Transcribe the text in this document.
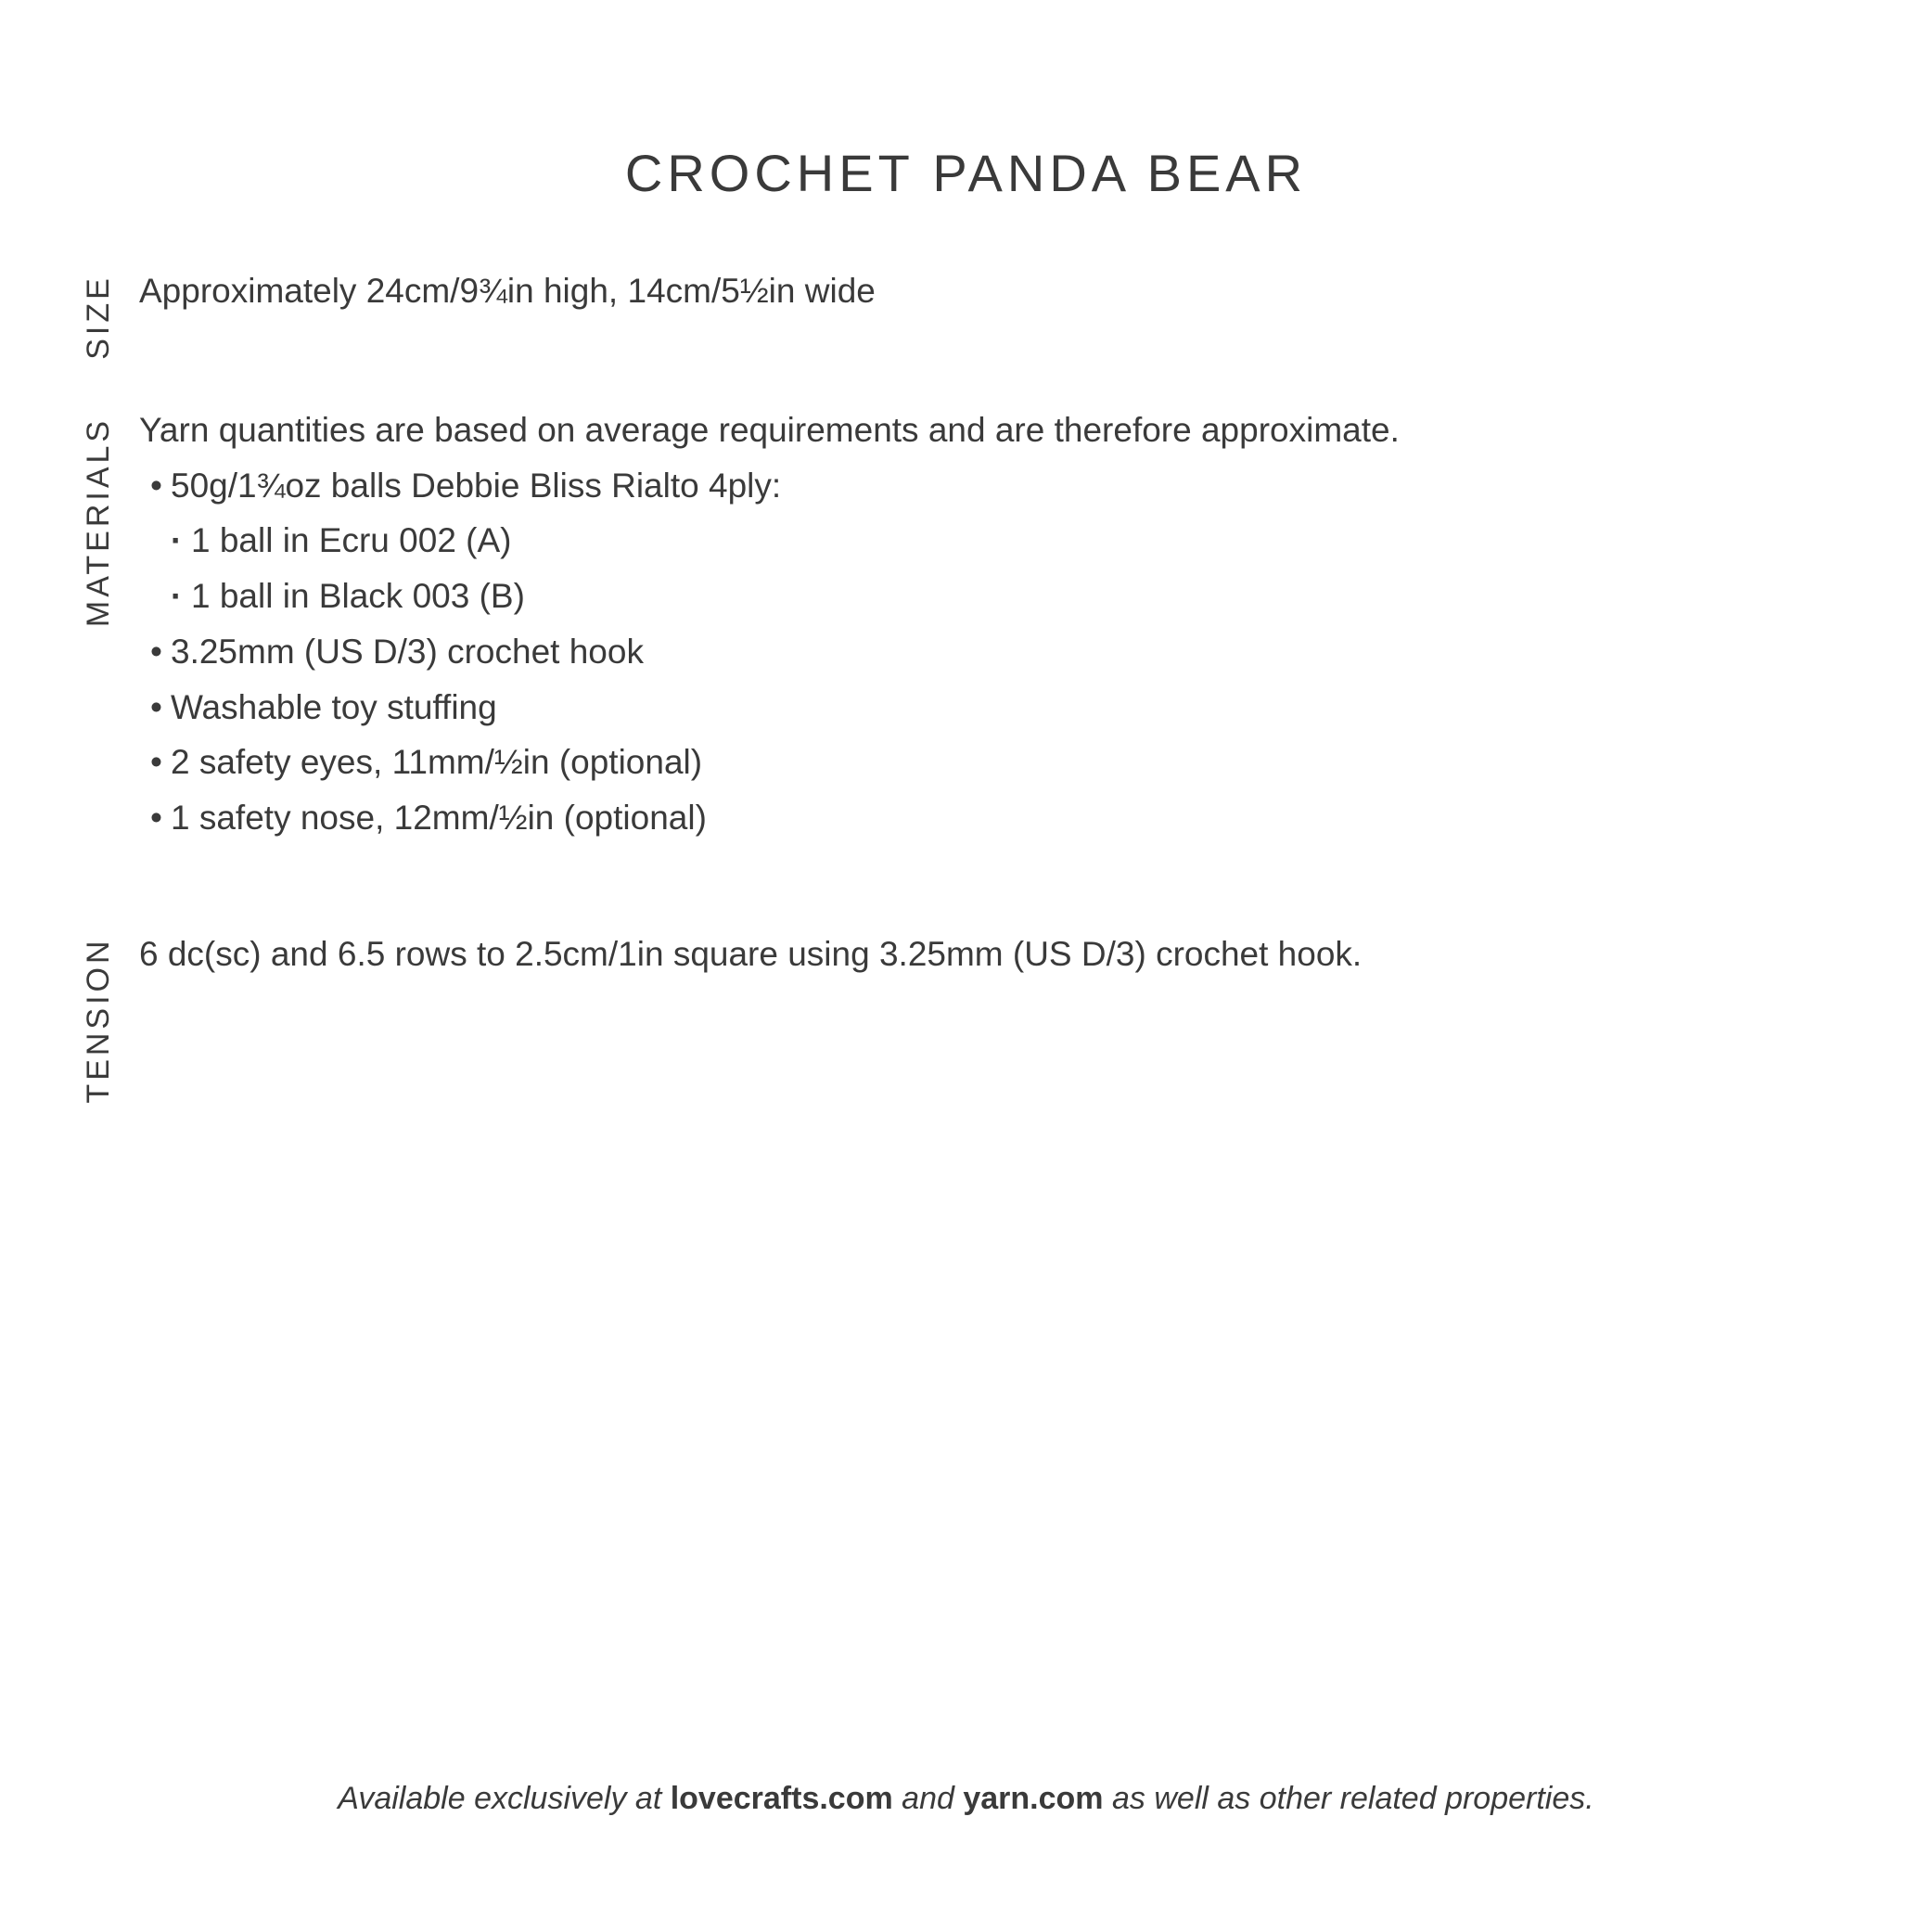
CROCHET PANDA BEAR
SIZE Approximately 24cm/9¾in high, 14cm/5½in wide
MATERIALS Yarn quantities are based on average requirements and are therefore approximate.
• 50g/1¾oz balls Debbie Bliss Rialto 4ply:
· 1 ball in Ecru 002 (A)
· 1 ball in Black 003 (B)
• 3.25mm (US D/3) crochet hook
• Washable toy stuffing
• 2 safety eyes, 11mm/½in (optional)
• 1 safety nose, 12mm/½in (optional)
TENSION 6 dc(sc) and 6.5 rows to 2.5cm/1in square using 3.25mm (US D/3) crochet hook.
Available exclusively at lovecrafts.com and yarn.com as well as other related properties.
